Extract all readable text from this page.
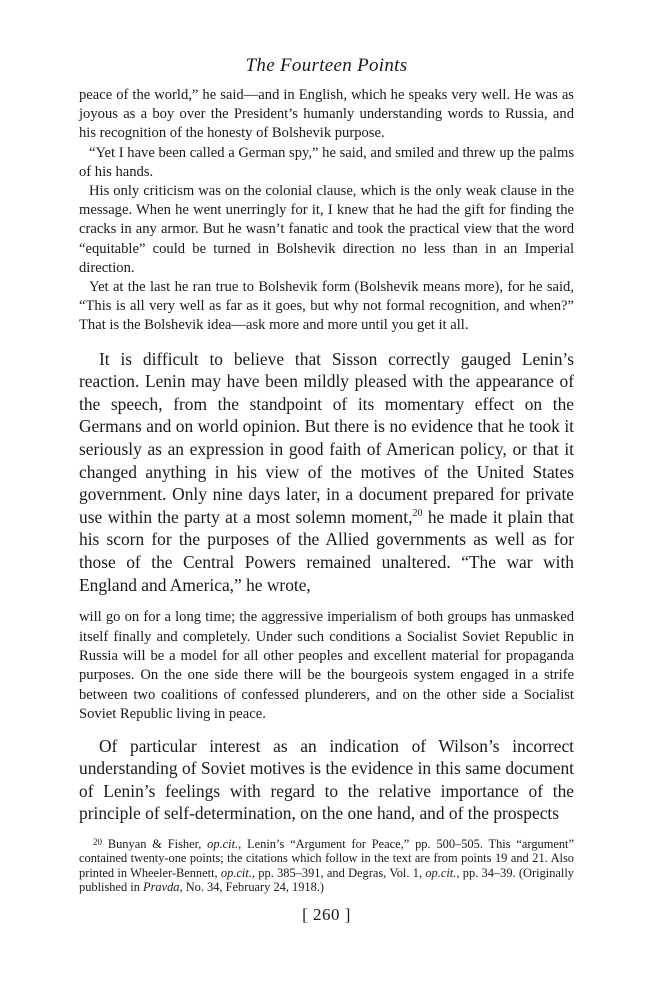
The Fourteen Points

peace of the world,” he said—and in English, which he speaks very well. He was as joyous as a boy over the President’s humanly understanding words to Russia, and his recognition of the honesty of Bolshevik purpose.

“Yet I have been called a German spy,” he said, and smiled and threw up the palms of his hands.

His only criticism was on the colonial clause, which is the only weak clause in the message. When he went unerringly for it, I knew that he had the gift for finding the cracks in any armor. But he wasn’t fanatic and took the practical view that the word “equitable” could be turned in Bolshevik direction no less than in an Imperial direction.

Yet at the last he ran true to Bolshevik form (Bolshevik means more), for he said, “This is all very well as far as it goes, but why not formal recognition, and when?” That is the Bolshevik idea—ask more and more until you get it all.

It is difficult to believe that Sisson correctly gauged Lenin’s reaction. Lenin may have been mildly pleased with the appearance of the speech, from the standpoint of its momentary effect on the Germans and on world opinion. But there is no evidence that he took it seriously as an expression in good faith of American policy, or that it changed anything in his view of the motives of the United States government. Only nine days later, in a document prepared for private use within the party at a most solemn moment,$^{20}$ he made it plain that his scorn for the purposes of the Allied governments as well as for those of the Central Powers remained unaltered. “The war with England and America,” he wrote,

will go on for a long time; the aggressive imperialism of both groups has unmasked itself finally and completely. Under such conditions a Socialist Soviet Republic in Russia will be a model for all other peoples and excellent material for propaganda purposes. On the one side there will be the bourgeois system engaged in a strife between two coalitions of confessed plunderers, and on the other side a Socialist Soviet Republic living in peace.

Of particular interest as an indication of Wilson’s incorrect understanding of Soviet motives is the evidence in this same document of Lenin’s feelings with regard to the relative importance of the principle of self-determination, on the one hand, and of the prospects

$^{20}$ Bunyan & Fisher, op.cit., Lenin’s “Argument for Peace,” pp. 500–505. This “argument” contained twenty-one points; the citations which follow in the text are from points 19 and 21. Also printed in Wheeler-Bennett, op.cit., pp. 385–391, and Degras, Vol. 1, op.cit., pp. 34–39. (Originally published in Pravda, No. 34, February 24, 1918.)

[ 260 ]
